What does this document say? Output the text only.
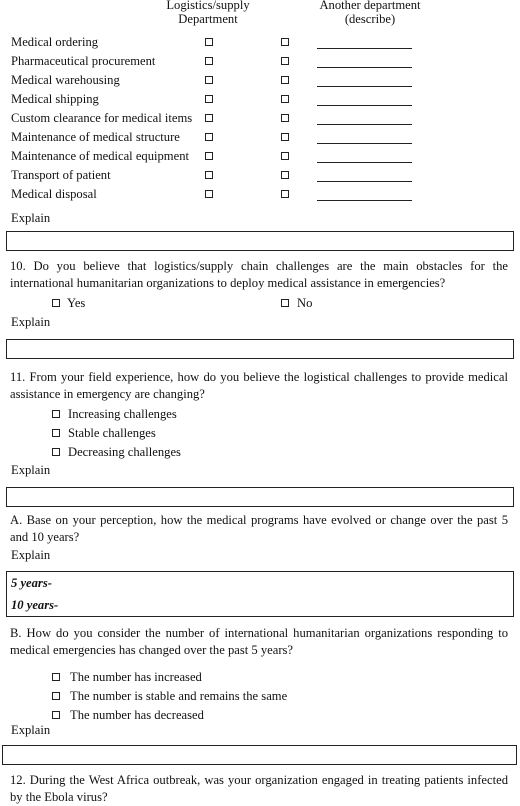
Logistics/supply
Department
Another department
(describe)
Medical ordering
Pharmaceutical procurement
Medical warehousing
Medical shipping
Custom clearance for medical items
Maintenance of medical structure
Maintenance of medical equipment
Transport of patient
Medical disposal
Explain
10. Do you believe that logistics/supply chain challenges are the main obstacles for the international humanitarian organizations to deploy medical assistance in emergencies?
Yes	No
Explain
11. From your field experience, how do you believe the logistical challenges to provide medical assistance in emergency are changing?
Increasing challenges
Stable challenges
Decreasing challenges
Explain
A. Base on your perception, how the medical programs have evolved or change over the past 5 and 10 years?
Explain
5 years-
10 years-
B. How do you consider the number of international humanitarian organizations responding to medical emergencies has changed over the past 5 years?
The number has increased
The number is stable and remains the same
The number has decreased
Explain
12. During the West Africa outbreak, was your organization engaged in treating patients infected by the Ebola virus?
